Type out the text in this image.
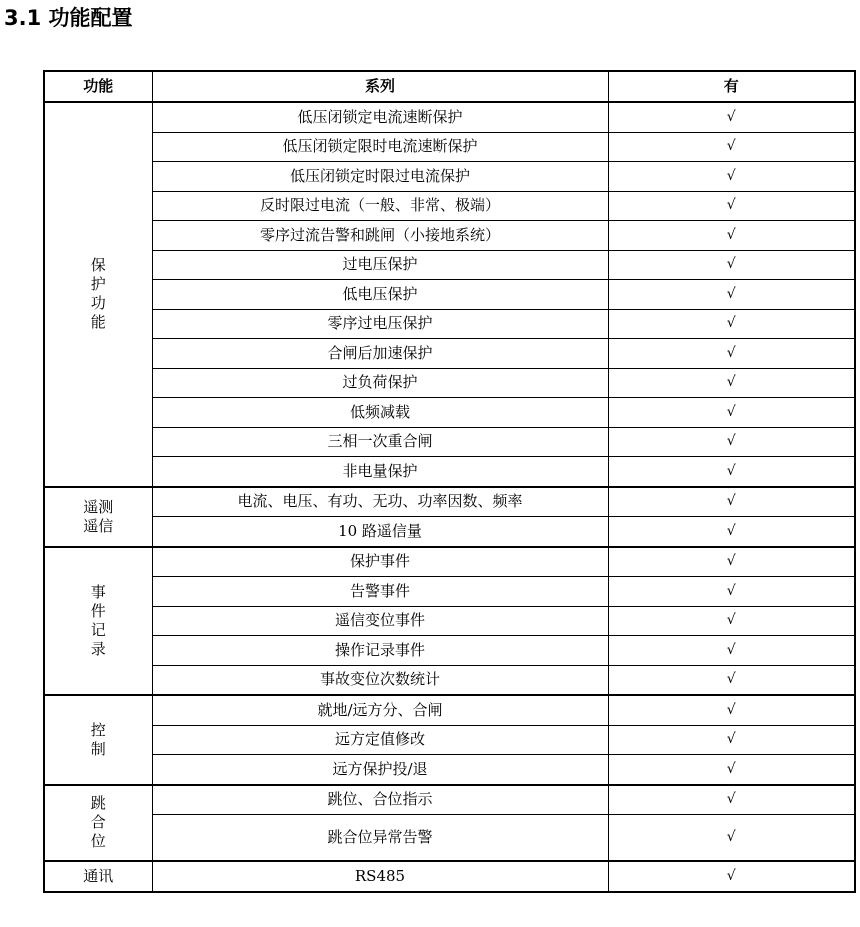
3.1 功能配置
功能	系列	有

保
护
功
能	低压闭锁定电流速断保护	√
	低压闭锁定限时电流速断保护	√
	低压闭锁定时限过电流保护	√
	反时限过电流（一般、非常、极端）	√
	零序过流告警和跳闸（小接地系统）	√
	过电压保护	√
	低电压保护	√
	零序过电压保护	√
	合闸后加速保护	√
	过负荷保护	√
	低频减载	√
	三相一次重合闸	√
	非电量保护	√

遥测
遥信	电流、电压、有功、无功、功率因数、频率	√
	10 路遥信量	√

事
件
记
录	保护事件	√
	告警事件	√
	遥信变位事件	√
	操作记录事件	√
	事故变位次数统计	√

控
制	就地/远方分、合闸	√
	远方定值修改	√
	远方保护投/退	√

跳
合
位	跳位、合位指示	√
	跳合位异常告警	√

通讯	RS485	√
